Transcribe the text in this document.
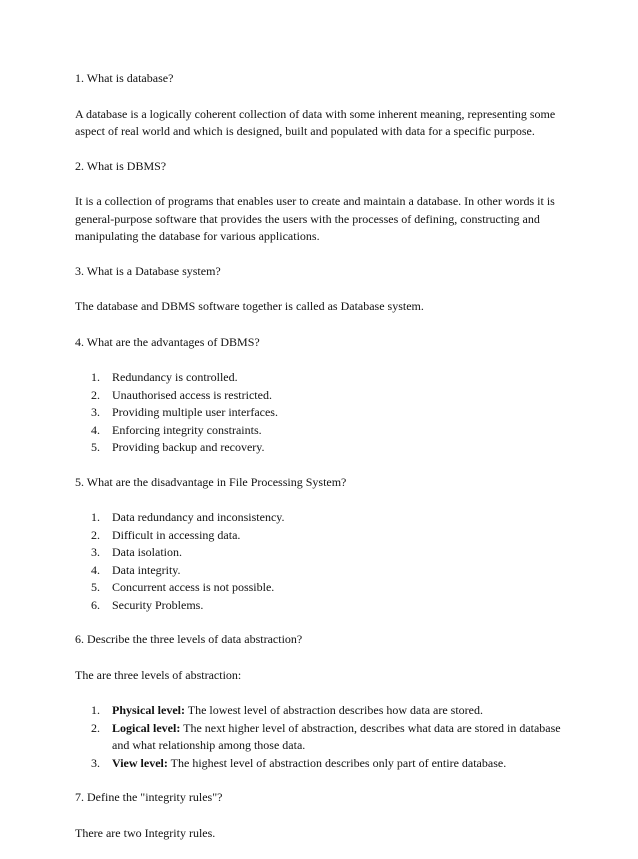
1. What is database?
A database is a logically coherent collection of data with some inherent meaning, representing some aspect of real world and which is designed, built and populated with data for a specific purpose.
2. What is DBMS?
It is a collection of programs that enables user to create and maintain a database. In other words it is general-purpose software that provides the users with the processes of defining, constructing and manipulating the database for various applications.
3. What is a Database system?
The database and DBMS software together is called as Database system.
4. What are the advantages of DBMS?
1. Redundancy is controlled.
2. Unauthorised access is restricted.
3. Providing multiple user interfaces.
4. Enforcing integrity constraints.
5. Providing backup and recovery.
5. What are the disadvantage in File Processing System?
1. Data redundancy and inconsistency.
2. Difficult in accessing data.
3. Data isolation.
4. Data integrity.
5. Concurrent access is not possible.
6. Security Problems.
6. Describe the three levels of data abstraction?
The are three levels of abstraction:
1. Physical level: The lowest level of abstraction describes how data are stored.
2. Logical level: The next higher level of abstraction, describes what data are stored in database and what relationship among those data.
3. View level: The highest level of abstraction describes only part of entire database.
7. Define the "integrity rules"?
There are two Integrity rules.
